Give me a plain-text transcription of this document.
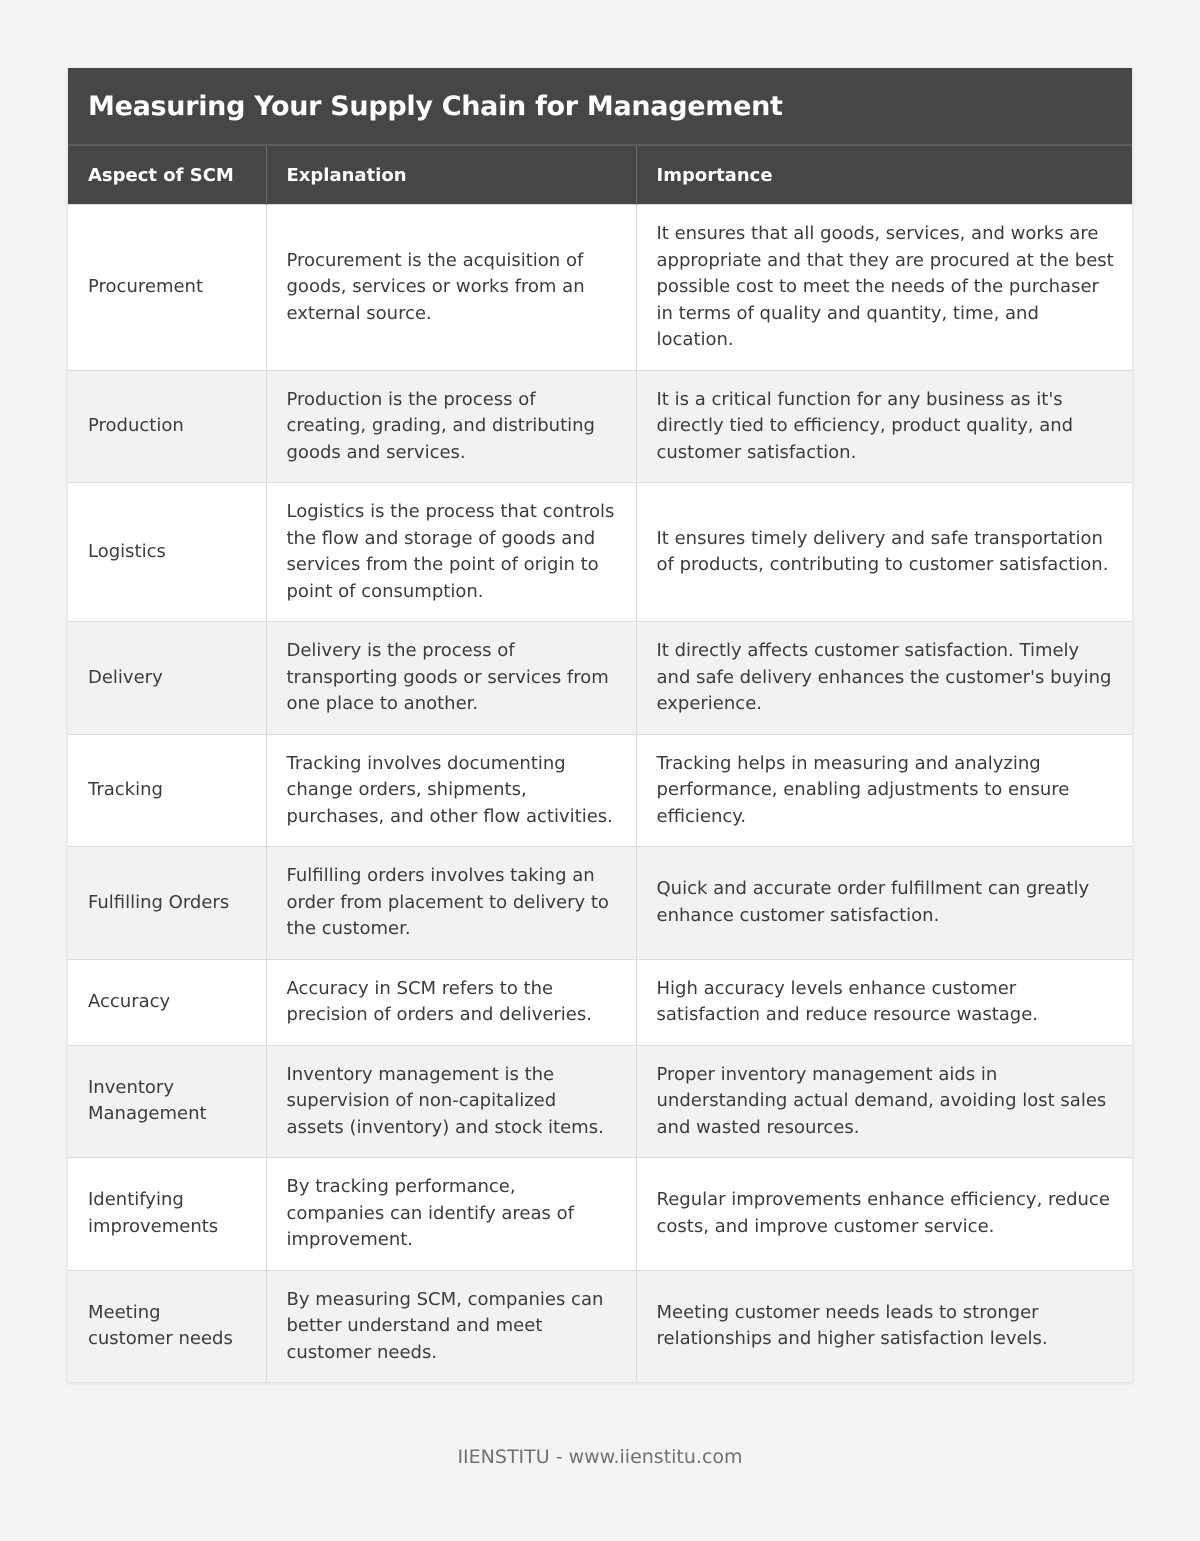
Measuring Your Supply Chain for Management
Aspect of SCM	Explanation	Importance
Procurement	Procurement is the acquisition of goods, services or works from an external source.	It ensures that all goods, services, and works are appropriate and that they are procured at the best possible cost to meet the needs of the purchaser in terms of quality and quantity, time, and location.
Production	Production is the process of creating, grading, and distributing goods and services.	It is a critical function for any business as it's directly tied to efficiency, product quality, and customer satisfaction.
Logistics	Logistics is the process that controls the flow and storage of goods and services from the point of origin to point of consumption.	It ensures timely delivery and safe transportation of products, contributing to customer satisfaction.
Delivery	Delivery is the process of transporting goods or services from one place to another.	It directly affects customer satisfaction. Timely and safe delivery enhances the customer's buying experience.
Tracking	Tracking involves documenting change orders, shipments, purchases, and other flow activities.	Tracking helps in measuring and analyzing performance, enabling adjustments to ensure efficiency.
Fulfilling Orders	Fulfilling orders involves taking an order from placement to delivery to the customer.	Quick and accurate order fulfillment can greatly enhance customer satisfaction.
Accuracy	Accuracy in SCM refers to the precision of orders and deliveries.	High accuracy levels enhance customer satisfaction and reduce resource wastage.
Inventory Management	Inventory management is the supervision of non-capitalized assets (inventory) and stock items.	Proper inventory management aids in understanding actual demand, avoiding lost sales and wasted resources.
Identifying improvements	By tracking performance, companies can identify areas of improvement.	Regular improvements enhance efficiency, reduce costs, and improve customer service.
Meeting customer needs	By measuring SCM, companies can better understand and meet customer needs.	Meeting customer needs leads to stronger relationships and higher satisfaction levels.
IIENSTITU - www.iienstitu.com
